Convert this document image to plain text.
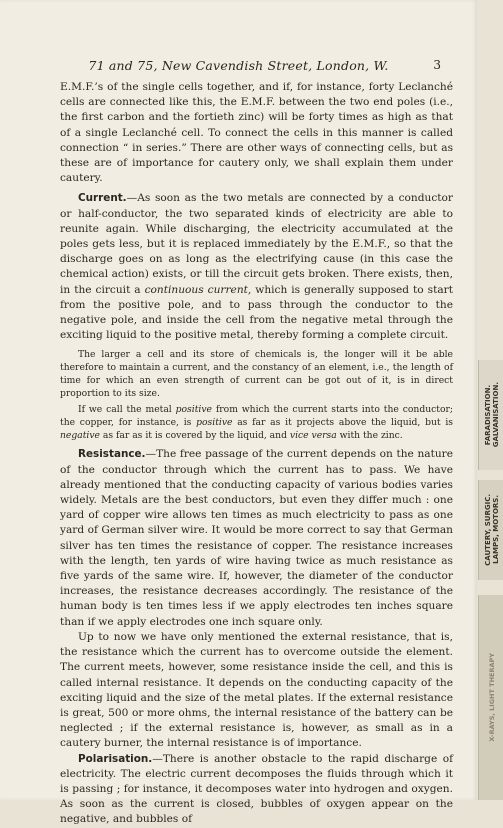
71 and 75, New Cavendish Street, London, W.	3

E.M.F.’s of the single cells together, and if, for instance, forty Leclanché cells are connected like this, the E.M.F. between the two end poles (i.e., the first carbon and the fortieth zinc) will be forty times as high as that of a single Leclanché cell. To connect the cells in this manner is called connection “ in series.” There are other ways of connecting cells, but as these are of importance for cautery only, we shall explain them under cautery.

Current.—As soon as the two metals are connected by a conductor or half-conductor, the two separated kinds of electricity are able to reunite again. While discharging, the electricity accumulated at the poles gets less, but it is replaced immediately by the E.M.F., so that the discharge goes on as long as the electrifying cause (in this case the chemical action) exists, or till the circuit gets broken. There exists, then, in the circuit a continuous current, which is generally supposed to start from the positive pole, and to pass through the conductor to the negative pole, and inside the cell from the negative metal through the exciting liquid to the positive metal, thereby forming a complete circuit.

The larger a cell and its store of chemicals is, the longer will it be able therefore to maintain a current, and the constancy of an element, i.e., the length of time for which an even strength of current can be got out of it, is in direct proportion to its size.

If we call the metal positive from which the current starts into the conductor; the copper, for instance, is positive as far as it projects above the liquid, but is negative as far as it is covered by the liquid, and vice versa with the zinc.

Resistance.—The free passage of the current depends on the nature of the conductor through which the current has to pass. We have already mentioned that the conducting capacity of various bodies varies widely. Metals are the best conductors, but even they differ much : one yard of copper wire allows ten times as much electricity to pass as one yard of German silver wire. It would be more correct to say that German silver has ten times the resistance of copper. The resistance increases with the length, ten yards of wire having twice as much resistance as five yards of the same wire. If, however, the diameter of the conductor increases, the resistance decreases accordingly. The resistance of the human body is ten times less if we apply electrodes ten inches square than if we apply electrodes one inch square only.

Up to now we have only mentioned the external resistance, that is, the resistance which the current has to overcome outside the element. The current meets, however, some resistance inside the cell, and this is called internal resistance. It depends on the conducting capacity of the exciting liquid and the size of the metal plates. If the external resistance is great, 500 or more ohms, the internal resistance of the battery can be neglected ; if the external resistance is, however, as small as in a cautery burner, the internal resistance is of importance.

Polarisation.—There is another obstacle to the rapid discharge of electricity. The electric current decomposes the fluids through which it is passing ; for instance, it decomposes water into hydrogen and oxygen. As soon as the current is closed, bubbles of oxygen appear on the negative, and bubbles of

FARADISATION.
GALVANISATION.
CAUTERY, SURGIC.
LAMPS, MOTORS.
X-RAYS, LIGHT THERAPY
